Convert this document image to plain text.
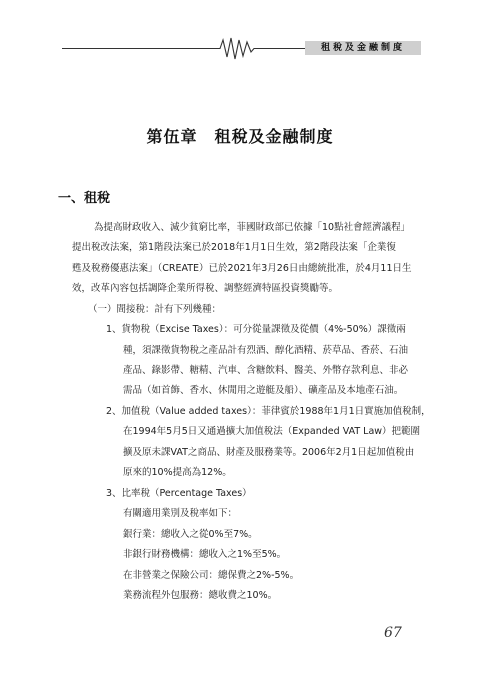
租稅及金融制度
第伍章　租稅及金融制度
一、租稅
為提高財政收入、減少貧窮比率，菲國財政部已依據「10點社會經濟議程」
提出稅改法案，第1階段法案已於2018年1月1日生效，第2階段法案「企業復
甦及稅務優惠法案」（CREATE）已於2021年3月26日由總統批准，於4月11日生
效，改革內容包括調降企業所得稅、調整經濟特區投資獎勵等。
（一）間接稅：計有下列幾種：
1、貨物稅（Excise Taxes）：可分從量課徵及從價（4%-50%）課徵兩
種，須課徵貨物稅之產品計有烈酒、醇化酒精、菸草品、香菸、石油
產品、錄影帶、糖精、汽車、含糖飲料、醫美、外幣存款利息、非必
需品（如首飾、香水、休閒用之遊艇及船）、礦產品及本地產石油。
2、加值稅（Value added taxes）：菲律賓於1988年1月1日實施加值稅制，
在1994年5月5日又通過擴大加值稅法（Expanded VAT Law）把範圍
擴及原未課VAT之商品、財產及服務業等。2006年2月1日起加值稅由
原來的10%提高為12%。
3、比率稅（Percentage Taxes）
有關適用業別及稅率如下：
銀行業：總收入之從0%至7%。
非銀行財務機構：總收入之1%至5%。
在非營業之保險公司：總保費之2%-5%。
業務流程外包服務：總收費之10%。
67
